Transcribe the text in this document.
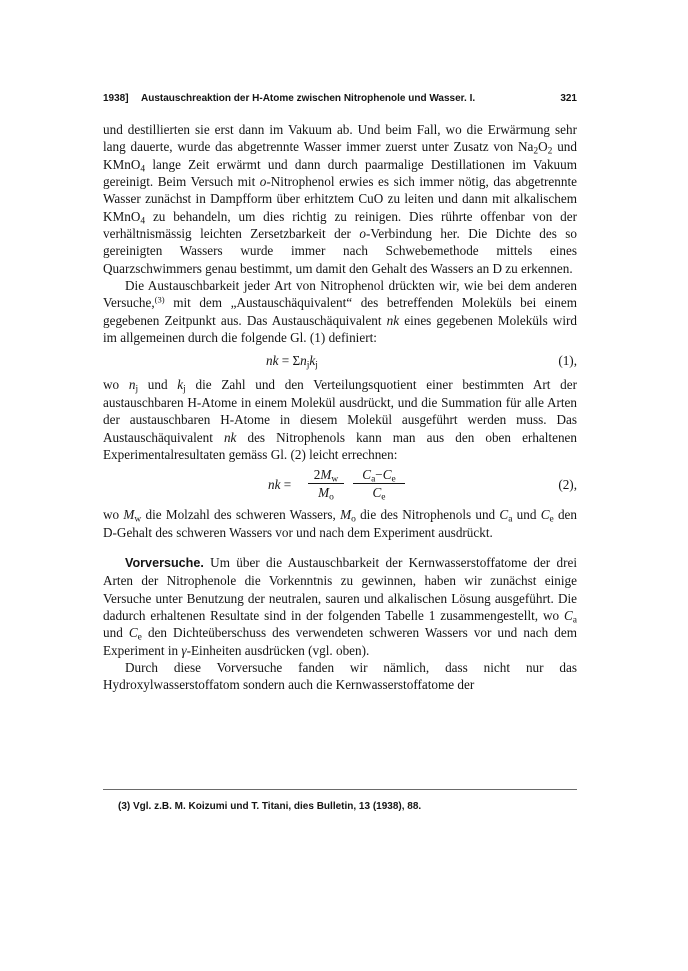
1938] Austauschreaktion der H-Atome zwischen Nitrophenole und Wasser. I.	321

und destillierten sie erst dann im Vakuum ab. Und beim Fall, wo die Erwärmung sehr lang dauerte, wurde das abgetrennte Wasser immer zuerst unter Zusatz von $Na_2O_2$ und KMnO$_4$ lange Zeit erwärmt und dann durch paarmalige Destillationen im Vakuum gereinigt. Beim Versuch mit o-Nitrophenol erwies es sich immer nötig, das abgetrennte Wasser zunächst in Dampfform über erhitztem CuO zu leiten und dann mit alkalischem KMnO$_4$ zu behandeln, um dies richtig zu reinigen. Dies rührte offenbar von der verhältnismässig leichten Zersetzbarkeit der o-Verbindung her. Die Dichte des so gereinigten Wassers wurde immer nach Schwebemethode mittels eines Quarzschwimmers genau bestimmt, um damit den Gehalt des Wassers an D zu erkennen.

Die Austauschbarkeit jeder Art von Nitrophenol drückten wir, wie bei dem anderen Versuche,$^{(3)}$ mit dem „Austauschäquivalent“ des betreffenden Moleküls bei einem gegebenen Zeitpunkt aus. Das Austauschäquivalent nk eines gegebenen Moleküls wird im allgemeinen durch die folgende Gl. (1) definiert:

nk = $\Sigma n_jk_j$	(1),

wo $n_j$ und $k_j$ die Zahl und den Verteilungsquotient einer bestimmten Art der austauschbaren H-Atome in einem Molekül ausdrückt, und die Summation für alle Arten der austauschbaren H-Atome in diesem Molekül ausgeführt werden muss. Das Austauschäquivalent nk des Nitrophenols kann man aus den oben erhaltenen Experimentalresultaten gemäss Gl. (2) leicht errechnen:

nk = $\frac{2M_w}{M_o} \frac{C_a-C_e}{C_e}$	(2),

wo $M_w$ die Molzahl des schweren Wassers, $M_o$ die des Nitrophenols und $C_a$ und $C_e$ den D-Gehalt des schweren Wassers vor und nach dem Experiment ausdrückt.

Vorversuche. Um über die Austauschbarkeit der Kernwasserstoffatome der drei Arten der Nitrophenole die Vorkenntnis zu gewinnen, haben wir zunächst einige Versuche unter Benutzung der neutralen, sauren und alkalischen Lösung ausgeführt. Die dadurch erhaltenen Resultate sind in der folgenden Tabelle 1 zusammengestellt, wo $C_a$ und $C_e$ den Dichteüberschuss des verwendeten schweren Wassers vor und nach dem Experiment in γ-Einheiten ausdrücken (vgl. oben).

Durch diese Vorversuche fanden wir nämlich, dass nicht nur das Hydroxylwasserstoffatom sondern auch die Kernwasserstoffatome der

(3) Vgl. z.B. M. Koizumi und T. Titani, dies Bulletin, 13 (1938), 88.
